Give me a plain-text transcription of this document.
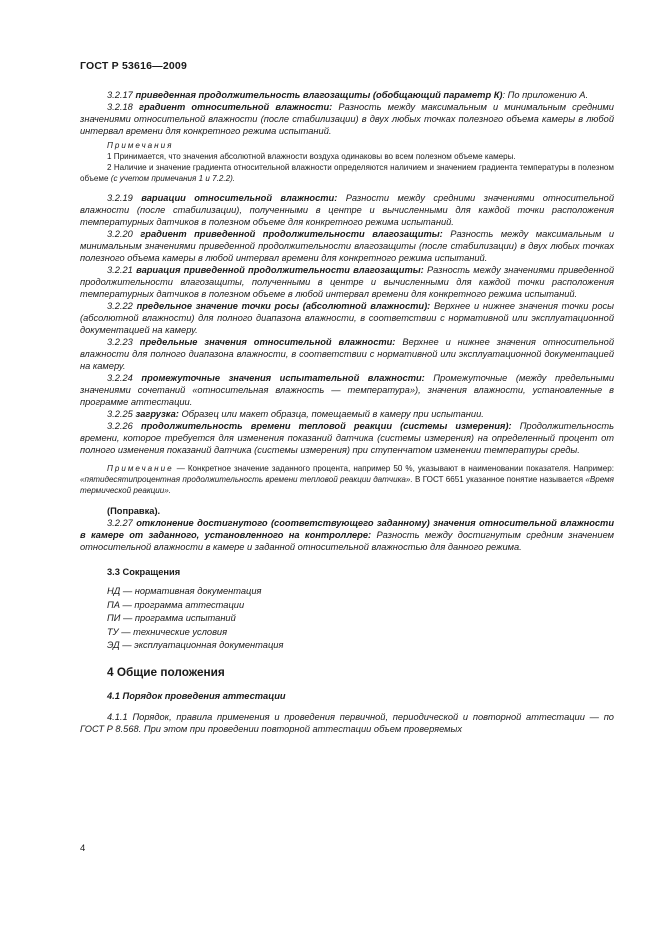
ГОСТ Р 53616—2009

3.2.17 приведенная продолжительность влагозащиты (обобщающий параметр К): По приложению А.

3.2.18 градиент относительной влажности: Разность между максимальным и минимальным средними значениями относительной влажности (после стабилизации) в двух любых точках полезного объема камеры в любой интервал времени для конкретного режима испытаний.

Примечания

1 Принимается, что значения абсолютной влажности воздуха одинаковы во всем полезном объеме камеры.

2 Наличие и значение градиента относительной влажности определяются наличием и значением градиента температуры в полезном объеме (с учетом примечания 1 и 7.2.2).

3.2.19 вариации относительной влажности: Разности между средними значениями относительной влажности (после стабилизации), полученными в центре и вычисленными для каждой точки расположения температурных датчиков в полезном объеме для конкретного режима испытаний.

3.2.20 градиент приведенной продолжительности влагозащиты: Разность между максимальным и минимальным значениями приведенной продолжительности влагозащиты (после стабилизации) в двух любых точках полезного объема камеры в любой интервал времени для конкретного режима испытаний.

3.2.21 вариация приведенной продолжительности влагозащиты: Разность между значениями приведенной продолжительности влагозащиты, полученными в центре и вычисленными для каждой точки расположения температурных датчиков в полезном объеме в любой интервал времени для конкретного режима испытаний.

3.2.22 предельное значение точки росы (абсолютной влажности): Верхнее и нижнее значения точки росы (абсолютной влажности) для полного диапазона влажности, в соответствии с нормативной или эксплуатационной документацией на камеру.

3.2.23 предельные значения относительной влажности: Верхнее и нижнее значения относительной влажности для полного диапазона влажности, в соответствии с нормативной или эксплуатационной документацией на камеру.

3.2.24 промежуточные значения испытательной влажности: Промежуточные (между предельными значениями сочетаний «относительная влажность — температура»), значения влажности, установленные в программе аттестации.

3.2.25 загрузка: Образец или макет образца, помещаемый в камеру при испытании.

3.2.26 продолжительность времени тепловой реакции (системы измерения): Продолжительность времени, которое требуется для изменения показаний датчика (системы измерения) на определенный процент от полного изменения показаний датчика (системы измерения) при ступенчатом изменении температуры среды.

Примечание — Конкретное значение заданного процента, например 50 %, указывают в наименовании показателя. Например: «пятидесятипроцентная продолжительность времени тепловой реакции датчика». В ГОСТ 6651 указанное понятие называется «Время термической реакции».

(Поправка).

3.2.27 отклонение достигнутого (соответствующего заданному) значения относительной влажности в камере от заданного, установленного на контроллере: Разность между достигнутым средним значением относительной влажности в камере и заданной относительной влажностью для данного режима.

3.3 Сокращения
НД — нормативная документация
ПА — программа аттестации
ПИ — программа испытаний
ТУ — технические условия
ЭД — эксплуатационная документация
4 Общие положения
4.1 Порядок проведения аттестации

4.1.1 Порядок, правила применения и проведения первичной, периодической и повторной аттестации — по ГОСТ Р 8.568. При этом при проведении повторной аттестации объем проверяемых

4
